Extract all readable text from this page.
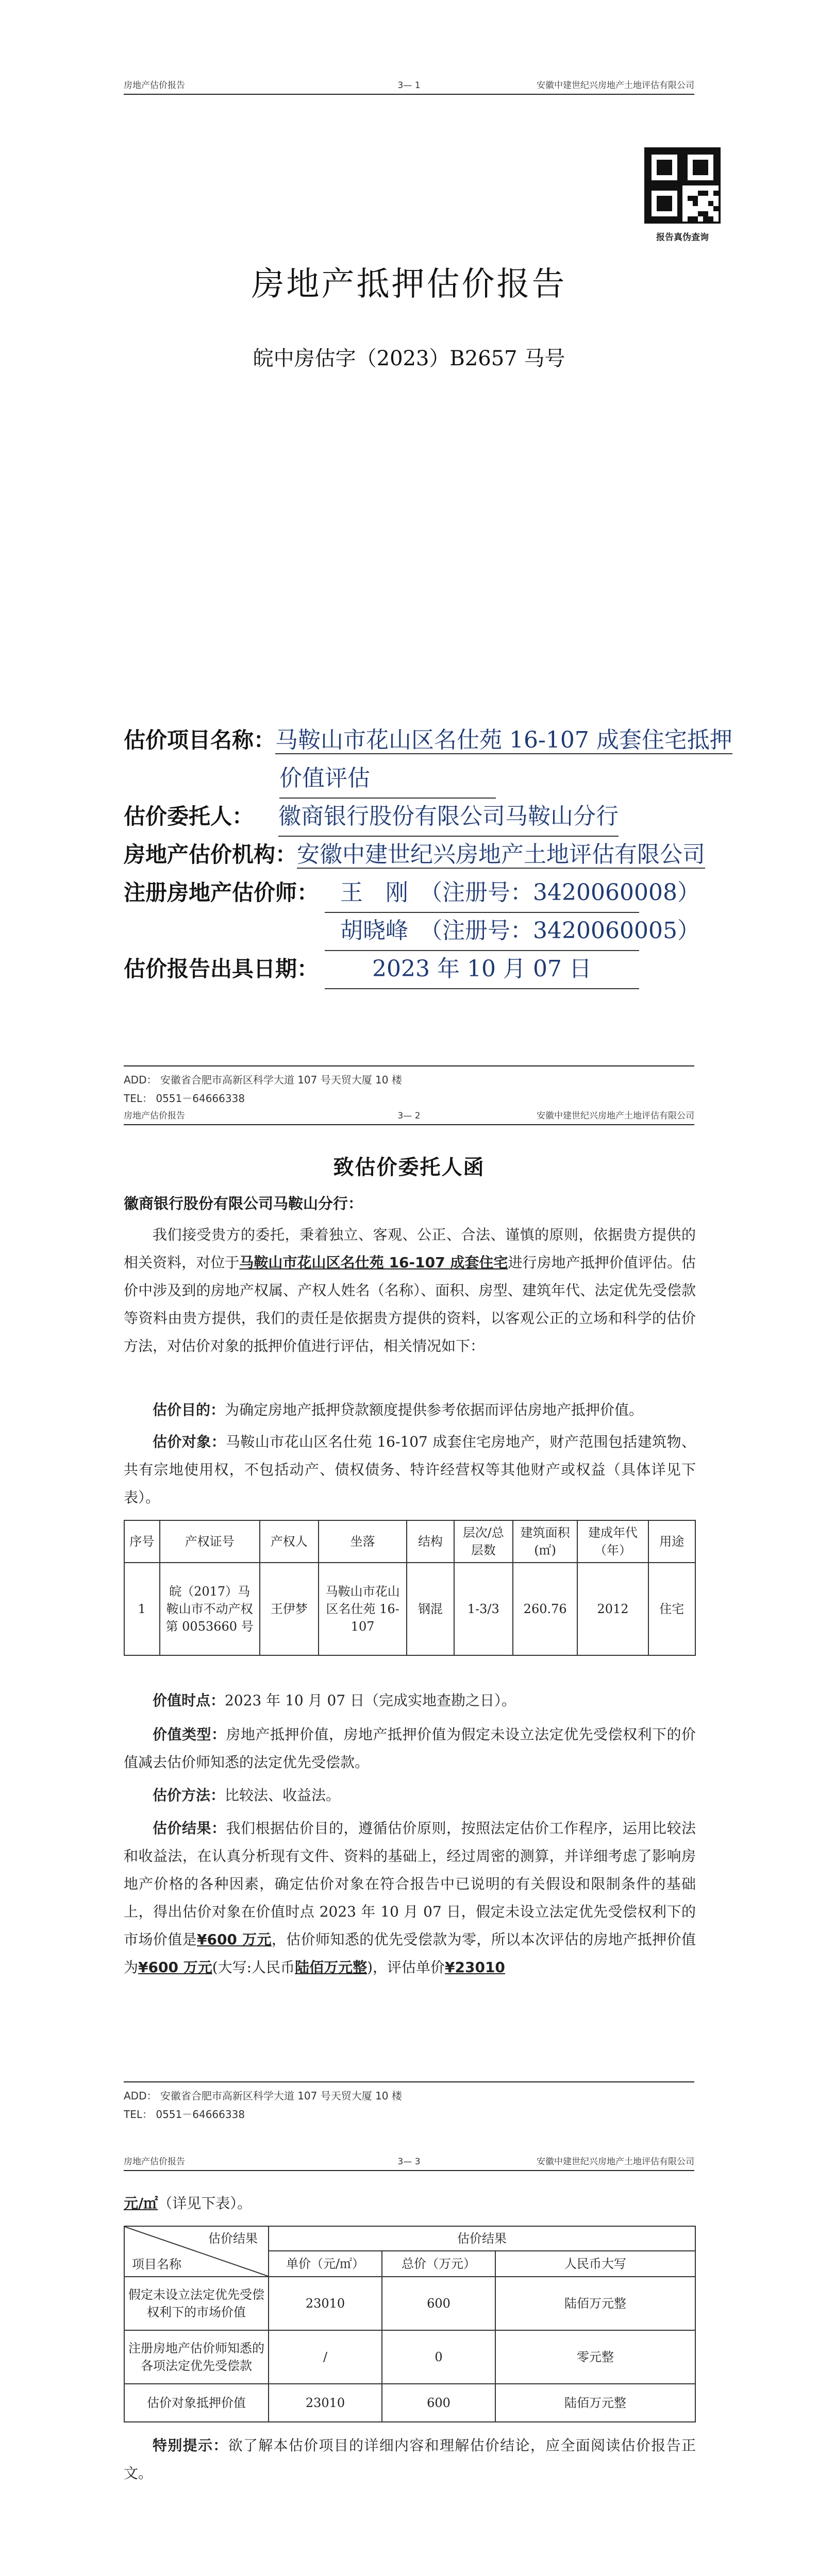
房地产估价报告	3— 1	安徽中建世纪兴房地产土地评估有限公司
报告真伪查询
房地产抵押估价报告
皖中房估字（2023）B2657 马号
估价项目名称：马鞍山市花山区名仕苑 16-107 成套住宅抵押
价值评估
估价委托人： 徽商银行股份有限公司马鞍山分行
房地产估价机构：安徽中建世纪兴房地产土地评估有限公司
注册房地产估价师： 王　刚　（注册号：3420060008）
胡晓峰　（注册号：3420060005）
估价报告出具日期：	2023 年 10 月 07 日
ADD： 安徽省合肥市高新区科学大道 107 号天贸大厦 10 楼
TEL： 0551－64666338
房地产估价报告	3— 2	安徽中建世纪兴房地产土地评估有限公司
致估价委托人函
徽商银行股份有限公司马鞍山分行：
我们接受贵方的委托，秉着独立、客观、公正、合法、谨慎的原则，依据贵方提供的相关资料，对位于马鞍山市花山区名仕苑 16-107 成套住宅进行房地产抵押价值评估。估价中涉及到的房地产权属、产权人姓名（名称）、面积、房型、建筑年代、法定优先受偿款等资料由贵方提供，我们的责任是依据贵方提供的资料，以客观公正的立场和科学的估价方法，对估价对象的抵押价值进行评估，相关情况如下：
估价目的：为确定房地产抵押贷款额度提供参考依据而评估房地产抵押价值。
估价对象：马鞍山市花山区名仕苑 16-107 成套住宅房地产，财产范围包括建筑物、共有宗地使用权，不包括动产、债权债务、特许经营权等其他财产或权益（具体详见下表）。
序号	产权证号	产权人	坐落	结构	层次/总层数	建筑面积(㎡)	建成年代（年）	用途
1	皖（2017）马鞍山市不动产权第 0053660 号	王伊梦	马鞍山市花山区名仕苑 16-107	钢混	1-3/3	260.76	2012	住宅
价值时点：2023 年 10 月 07 日（完成实地查勘之日）。
价值类型：房地产抵押价值，房地产抵押价值为假定未设立法定优先受偿权利下的价值减去估价师知悉的法定优先受偿款。
估价方法：比较法、收益法。
估价结果：我们根据估价目的，遵循估价原则，按照法定估价工作程序，运用比较法和收益法，在认真分析现有文件、资料的基础上，经过周密的测算，并详细考虑了影响房地产价格的各种因素，确定估价对象在符合报告中已说明的有关假设和限制条件的基础上，得出估价对象在价值时点 2023 年 10 月 07 日，假定未设立法定优先受偿权利下的市场价值是¥600 万元，估价师知悉的优先受偿款为零，所以本次评估的房地产抵押价值为¥600 万元(大写:人民币陆佰万元整)，评估单价¥23010
ADD： 安徽省合肥市高新区科学大道 107 号天贸大厦 10 楼
TEL： 0551－64666338
房地产估价报告	3— 3	安徽中建世纪兴房地产土地评估有限公司
元/㎡（详见下表）。
估价结果
项目名称	估价结果		
	单价（元/㎡）	总价（万元）	人民币大写
假定未设立法定优先受偿权利下的市场价值	23010	600	陆佰万元整
注册房地产估价师知悉的各项法定优先受偿款	/	0	零元整
估价对象抵押价值	23010	600	陆佰万元整
特别提示：欲了解本估价项目的详细内容和理解估价结论，应全面阅读估价报告正文。
